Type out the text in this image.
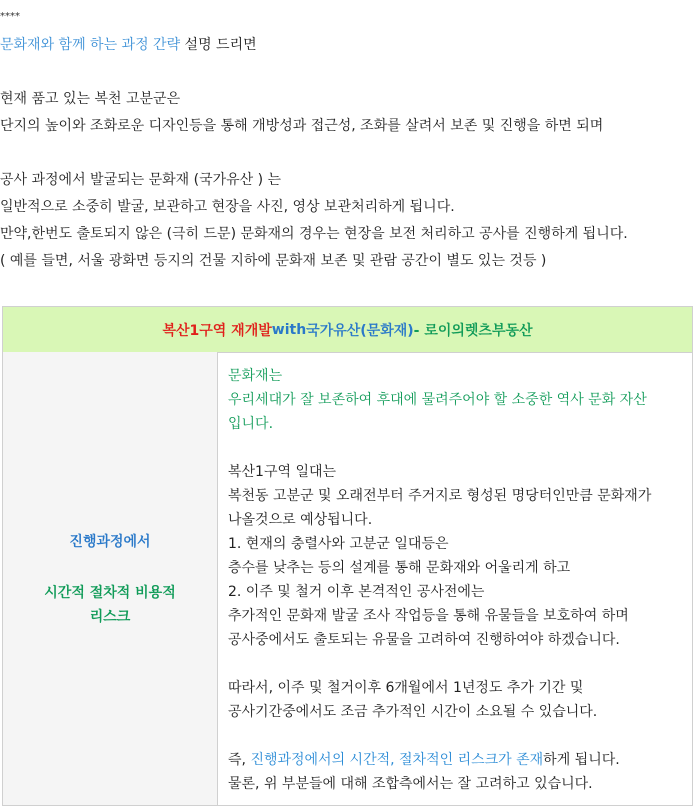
****
문화재와 함께 하는 과정 간략 설명 드리면
현재 품고 있는 복천 고분군은
단지의 높이와 조화로운 디자인등을 통해 개방성과 접근성, 조화를 살려서 보존 및 진행을 하면 되며
공사 과정에서 발굴되는 문화재 (국가유산 ) 는
일반적으로 소중히 발굴, 보관하고 현장을 사진, 영상 보관처리하게 됩니다.
만약,한번도 출토되지 않은 (극히 드문) 문화재의 경우는 현장을 보전 처리하고 공사를 진행하게 됩니다.
( 예를 들면, 서울 광화면 등지의 건물 지하에 문화재 보존 및 관람 공간이 별도 있는 것등 )
복산1구역 재개발 with 국가유산(문화재) - 로이의렛츠부동산
진행과정에서
시간적 절차적 비용적
리스크
문화재는
우리세대가 잘 보존하여 후대에 물려주어야 할 소중한 역사 문화 자산
입니다.
복산1구역 일대는
복천동 고분군 및 오래전부터 주거지로 형성된 명당터인만큼 문화재가
나올것으로 예상됩니다.
1. 현재의 충렬사와 고분군 일대등은
층수를 낮추는 등의 설계를 통해 문화재와 어울리게 하고
2. 이주 및 철거 이후 본격적인 공사전에는
추가적인 문화재 발굴 조사 작업등을 통해 유물들을 보호하여 하며
공사중에서도 출토되는 유물을 고려하여 진행하여야 하겠습니다.
따라서, 이주 및 철거이후 6개월에서 1년정도 추가 기간 및
공사기간중에서도 조금 추가적인 시간이 소요될 수 있습니다.
즉, 진행과정에서의 시간적, 절차적인 리스크가 존재하게 됩니다.
물론, 위 부분들에 대해 조합측에서는 잘 고려하고 있습니다.
